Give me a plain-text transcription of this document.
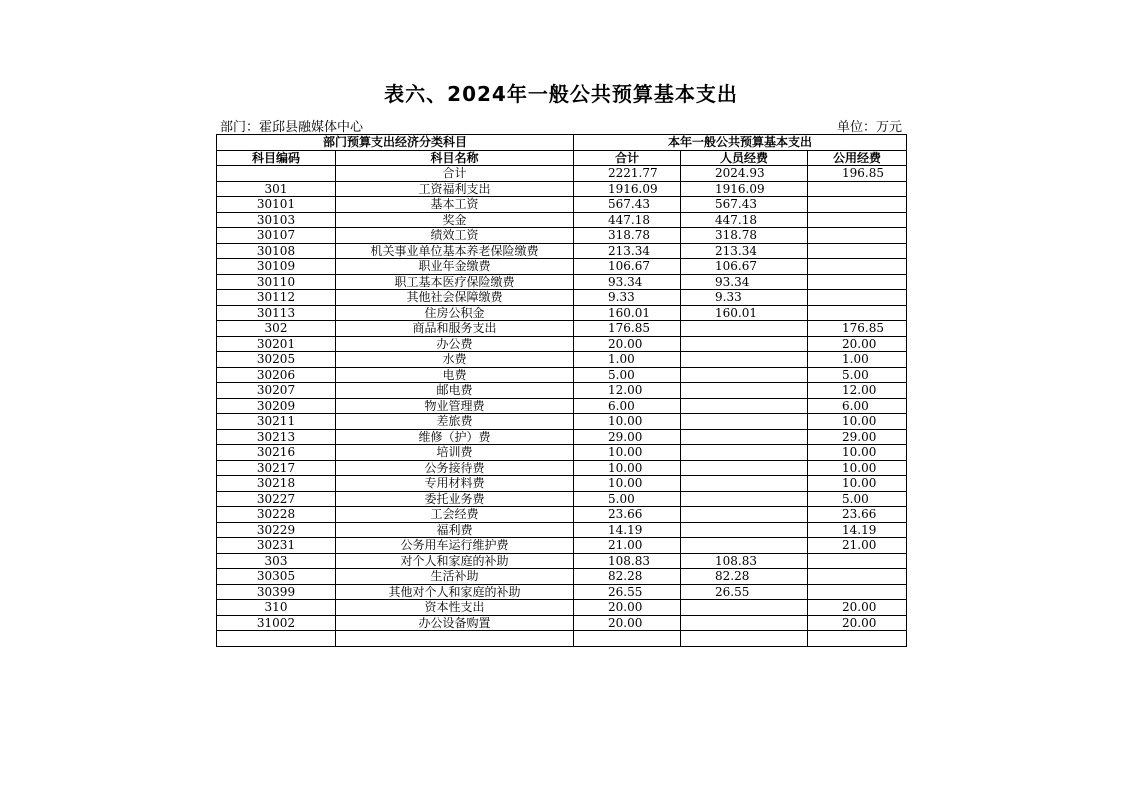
表六、2024年一般公共预算基本支出
部门：霍邱县融媒体中心	单位：万元
部门预算支出经济分类科目		本年一般公共预算基本支出		
科目编码	科目名称	合计	人员经费	公用经费
	合计	2221.77	2024.93	196.85
301	工资福利支出	1916.09	1916.09	
30101	基本工资	567.43	567.43	
30103	奖金	447.18	447.18	
30107	绩效工资	318.78	318.78	
30108	机关事业单位基本养老保险缴费	213.34	213.34	
30109	职业年金缴费	106.67	106.67	
30110	职工基本医疗保险缴费	93.34	93.34	
30112	其他社会保障缴费	9.33	9.33	
30113	住房公积金	160.01	160.01	
302	商品和服务支出	176.85		176.85
30201	办公费	20.00		20.00
30205	水费	1.00		1.00
30206	电费	5.00		5.00
30207	邮电费	12.00		12.00
30209	物业管理费	6.00		6.00
30211	差旅费	10.00		10.00
30213	维修（护）费	29.00		29.00
30216	培训费	10.00		10.00
30217	公务接待费	10.00		10.00
30218	专用材料费	10.00		10.00
30227	委托业务费	5.00		5.00
30228	工会经费	23.66		23.66
30229	福利费	14.19		14.19
30231	公务用车运行维护费	21.00		21.00
303	对个人和家庭的补助	108.83	108.83	
30305	生活补助	82.28	82.28	
30399	其他对个人和家庭的补助	26.55	26.55	
310	资本性支出	20.00		20.00
31002	办公设备购置	20.00		20.00
